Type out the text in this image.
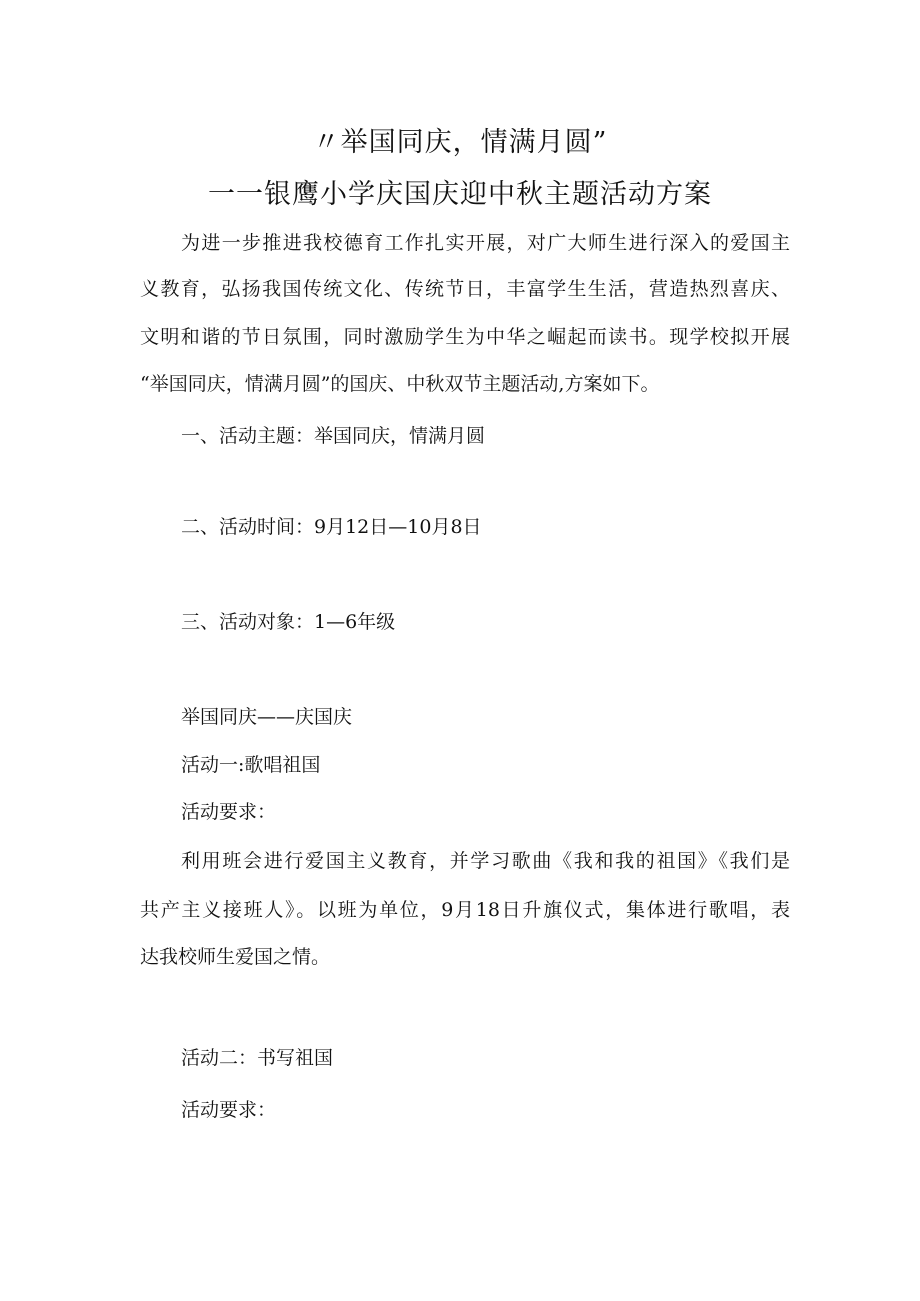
〃举国同庆，情满月圆”
一一银鹰小学庆国庆迎中秋主题活动方案
为进一步推进我校德育工作扎实开展，对广大师生进行深入的爱国主
义教育，弘扬我国传统文化、传统节日，丰富学生生活，营造热烈喜庆、
文明和谐的节日氛围，同时激励学生为中华之崛起而读书。现学校拟开展
“举国同庆，情满月圆”的国庆、中秋双节主题活动,方案如下。
一、活动主题：举国同庆，情满月圆
二、活动时间：9月12日—10月8日
三、活动对象：1—6年级
举国同庆——庆国庆
活动一:歌唱祖国
活动要求：
利用班会进行爱国主义教育，并学习歌曲《我和我的祖国》《我们是
共产主义接班人》。以班为单位，9月18日升旗仪式，集体进行歌唱，表
达我校师生爱国之情。
活动二：书写祖国
活动要求：
